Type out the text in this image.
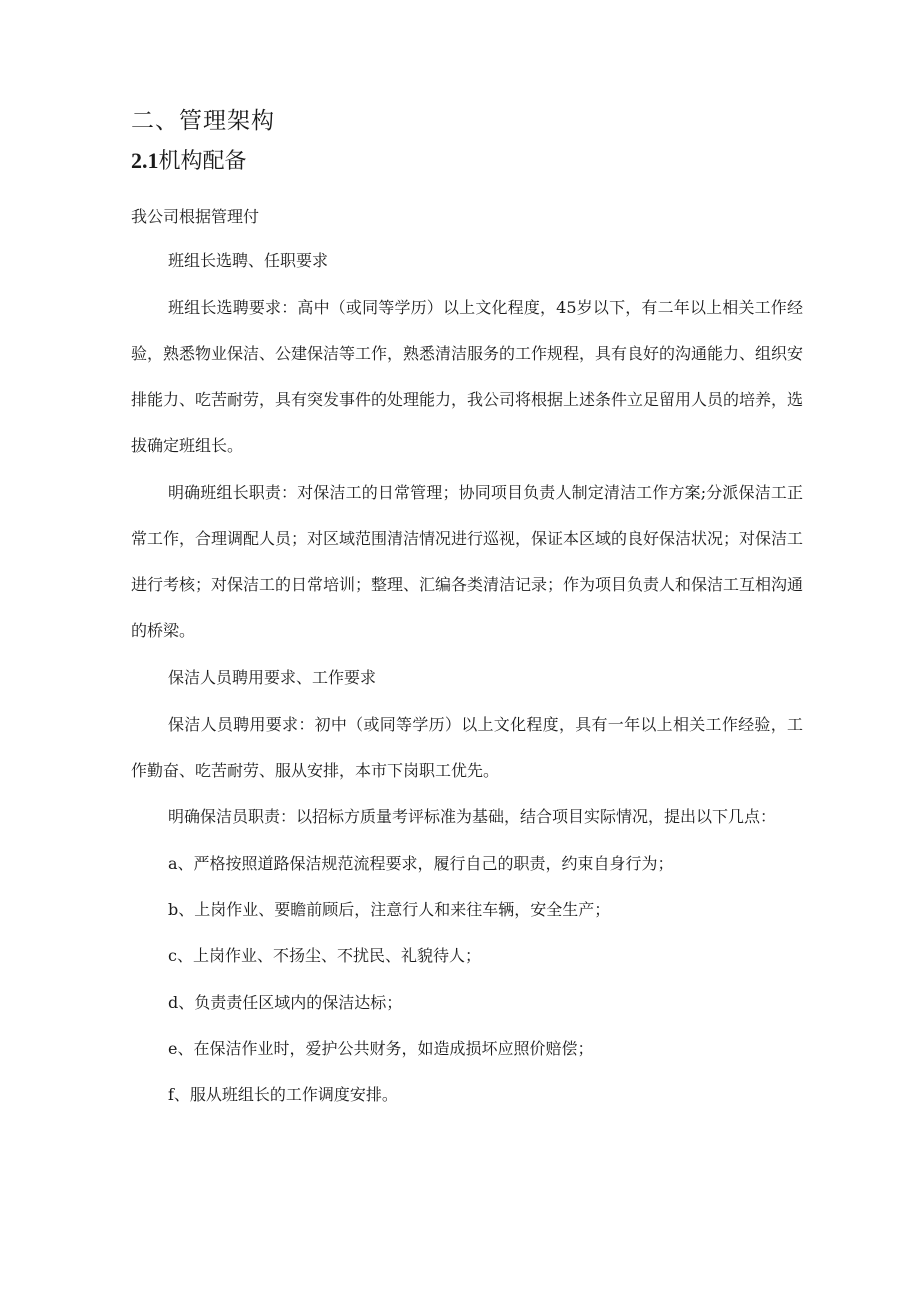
二、管理架构
2.1机构配备
我公司根据管理付
班组长选聘、任职要求
班组长选聘要求：高中（或同等学历）以上文化程度，45岁以下，有二年以上相关工作经验，熟悉物业保洁、公建保洁等工作，熟悉清洁服务的工作规程，具有良好的沟通能力、组织安排能力、吃苦耐劳，具有突发事件的处理能力，我公司将根据上述条件立足留用人员的培养，选拔确定班组长。
明确班组长职责：对保洁工的日常管理；协同项目负责人制定清洁工作方案;分派保洁工正常工作，合理调配人员；对区域范围清洁情况进行巡视，保证本区域的良好保洁状况；对保洁工进行考核；对保洁工的日常培训；整理、汇编各类清洁记录；作为项目负责人和保洁工互相沟通的桥梁。
保洁人员聘用要求、工作要求
保洁人员聘用要求：初中（或同等学历）以上文化程度，具有一年以上相关工作经验，工作勤奋、吃苦耐劳、服从安排，本市下岗职工优先。
明确保洁员职责：以招标方质量考评标准为基础，结合项目实际情况，提出以下几点：
a、严格按照道路保洁规范流程要求，履行自己的职责，约束自身行为；
b、上岗作业、要瞻前顾后，注意行人和来往车辆，安全生产；
c、上岗作业、不扬尘、不扰民、礼貌待人；
d、负责责任区域内的保洁达标；
e、在保洁作业时，爱护公共财务，如造成损坏应照价赔偿；
f、服从班组长的工作调度安排。
